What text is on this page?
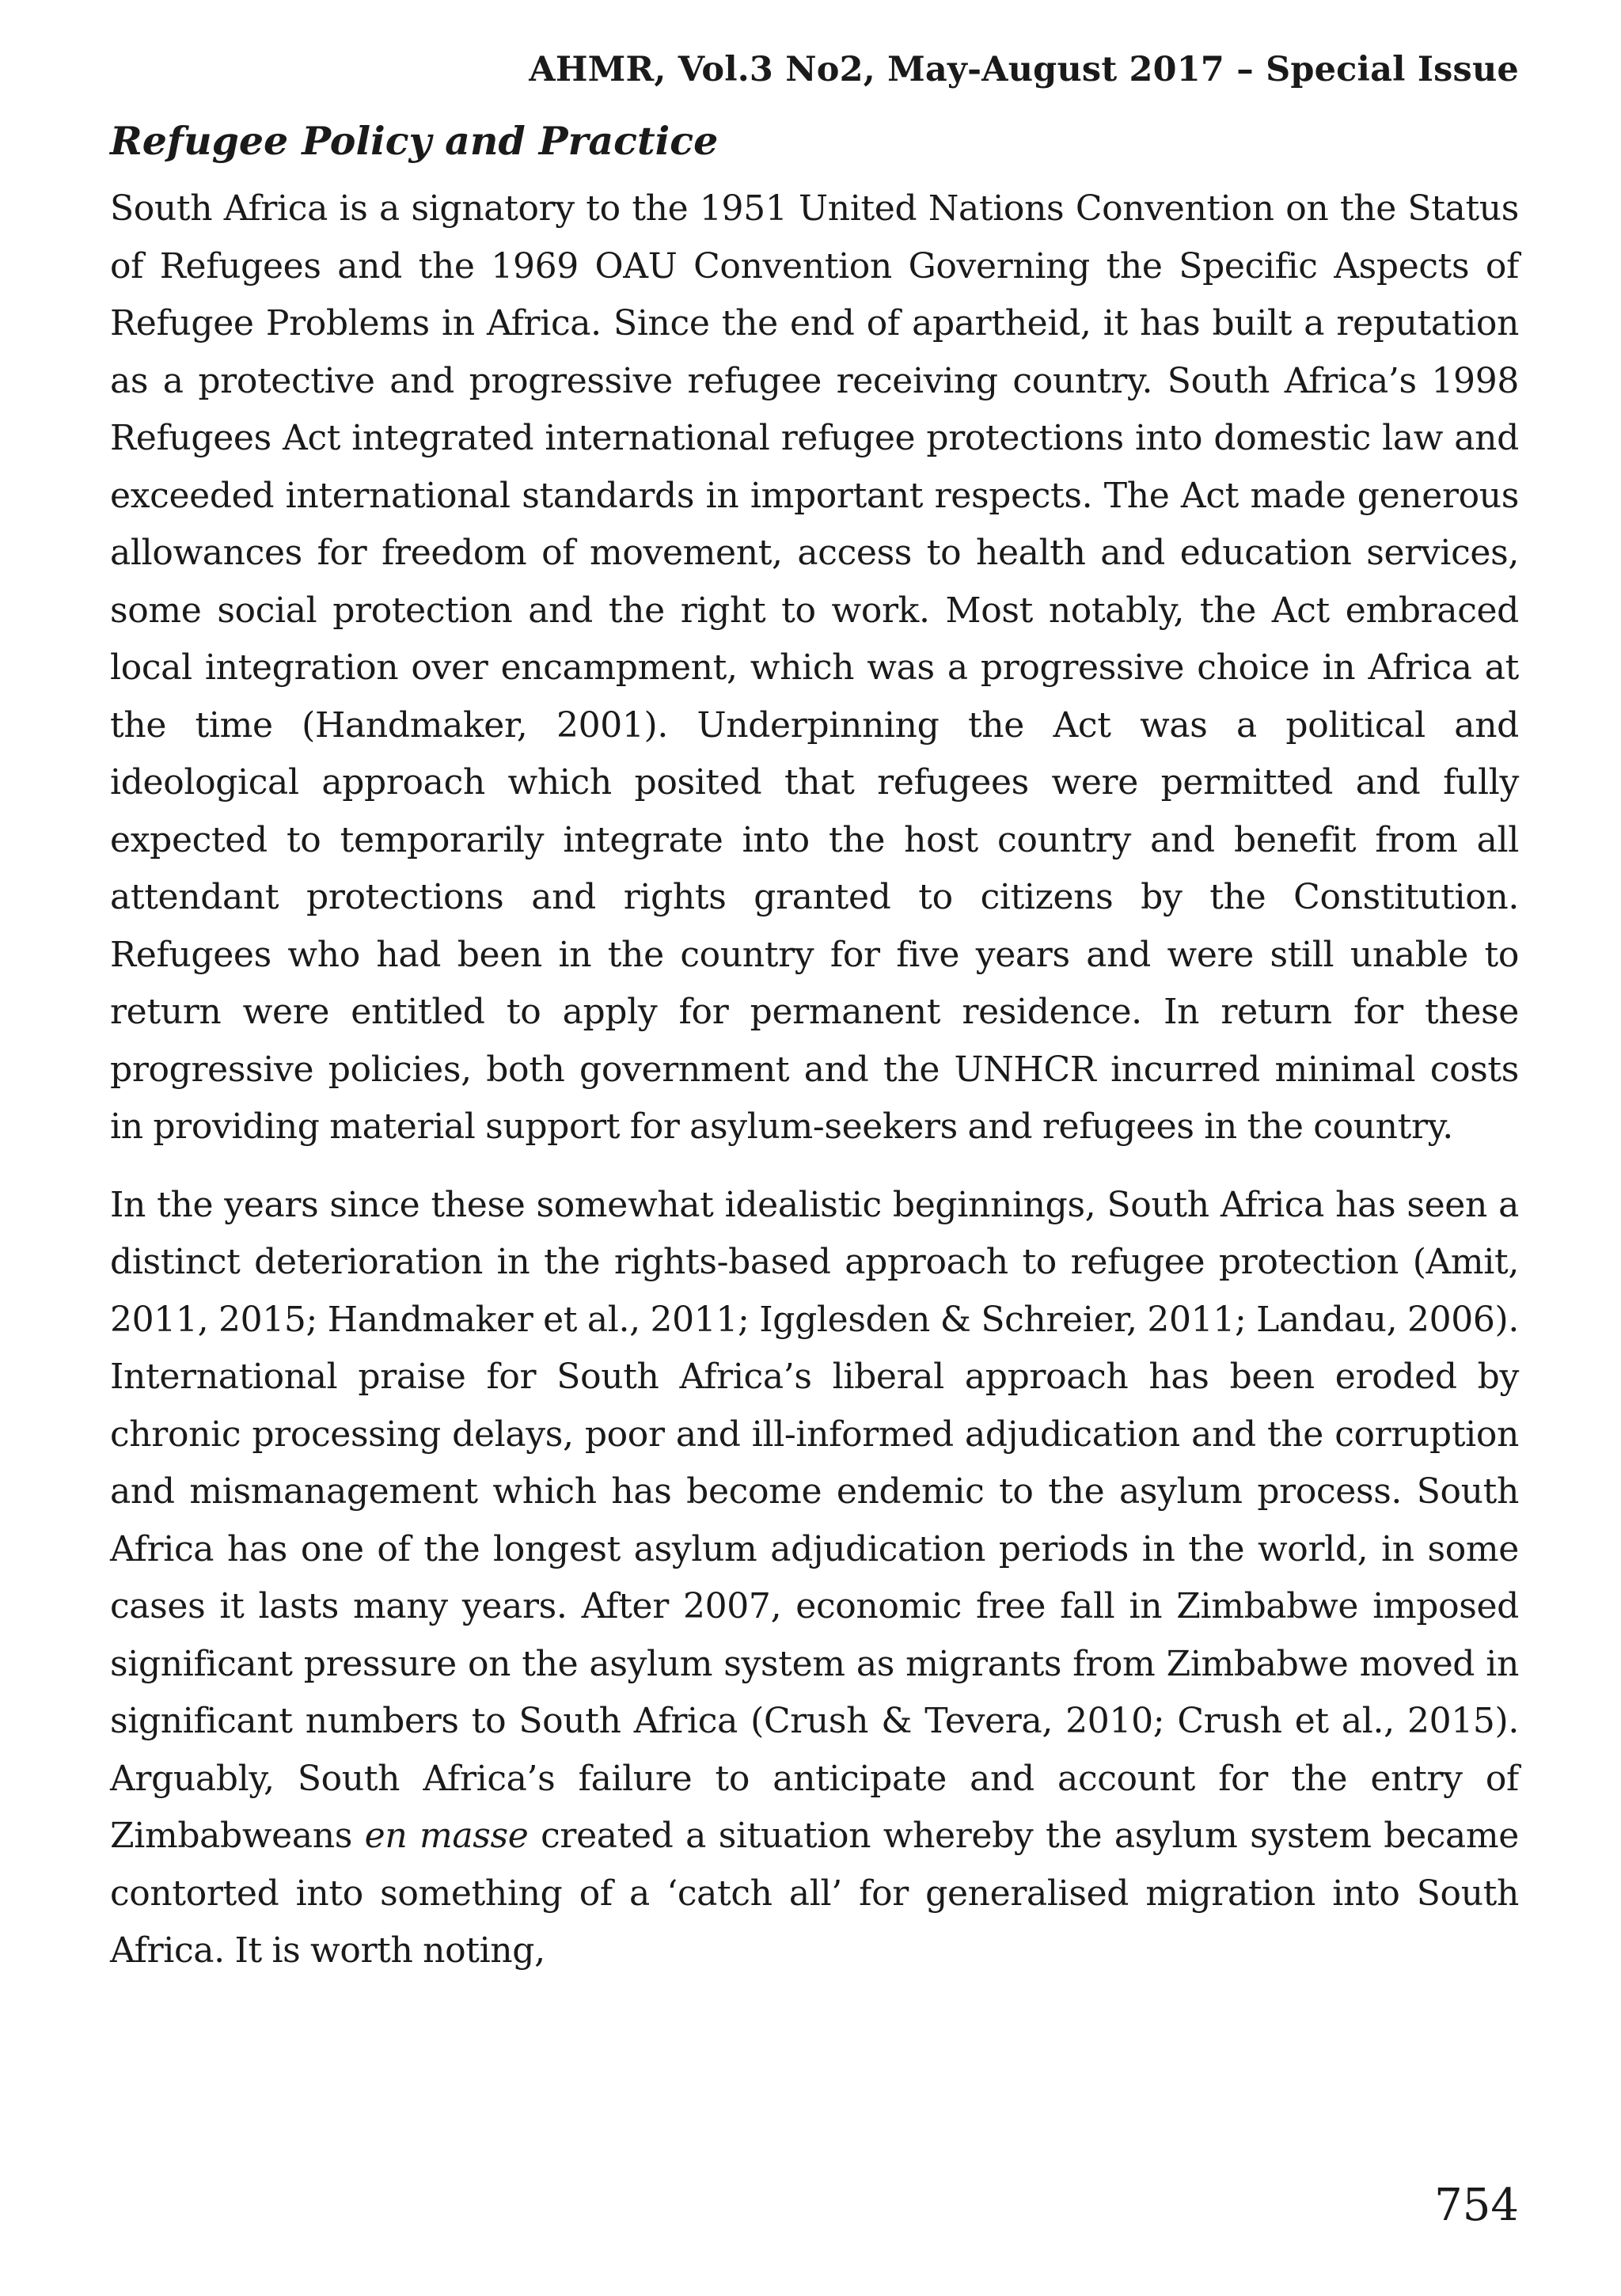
AHMR, Vol.3 No2, May-August 2017 – Special Issue
Refugee Policy and Practice

South Africa is a signatory to the 1951 United Nations Convention on the Status of Refugees and the 1969 OAU Convention Governing the Specific Aspects of Refugee Problems in Africa. Since the end of apartheid, it has built a reputation as a protective and progressive refugee receiving country. South Africa’s 1998 Refugees Act integrated international refugee protections into domestic law and exceeded international standards in important respects. The Act made generous allowances for freedom of movement, access to health and education services, some social protection and the right to work. Most notably, the Act embraced local integration over encampment, which was a progressive choice in Africa at the time (Handmaker, 2001). Underpinning the Act was a political and ideological approach which posited that refugees were permitted and fully expected to temporarily integrate into the host country and benefit from all attendant protections and rights granted to citizens by the Constitution. Refugees who had been in the country for five years and were still unable to return were entitled to apply for permanent residence. In return for these progressive policies, both government and the UNHCR incurred minimal costs in providing material support for asylum-seekers and refugees in the country.

In the years since these somewhat idealistic beginnings, South Africa has seen a distinct deterioration in the rights-based approach to refugee protection (Amit, 2011, 2015; Handmaker et al., 2011; Igglesden & Schreier, 2011; Landau, 2006). International praise for South Africa’s liberal approach has been eroded by chronic processing delays, poor and ill-informed adjudication and the corruption and mismanagement which has become endemic to the asylum process. South Africa has one of the longest asylum adjudication periods in the world, in some cases it lasts many years. After 2007, economic free fall in Zimbabwe imposed significant pressure on the asylum system as migrants from Zimbabwe moved in significant numbers to South Africa (Crush & Tevera, 2010; Crush et al., 2015). Arguably, South Africa’s failure to anticipate and account for the entry of Zimbabweans en masse created a situation whereby the asylum system became contorted into something of a ‘catch all’ for generalised migration into South Africa. It is worth noting,

754
